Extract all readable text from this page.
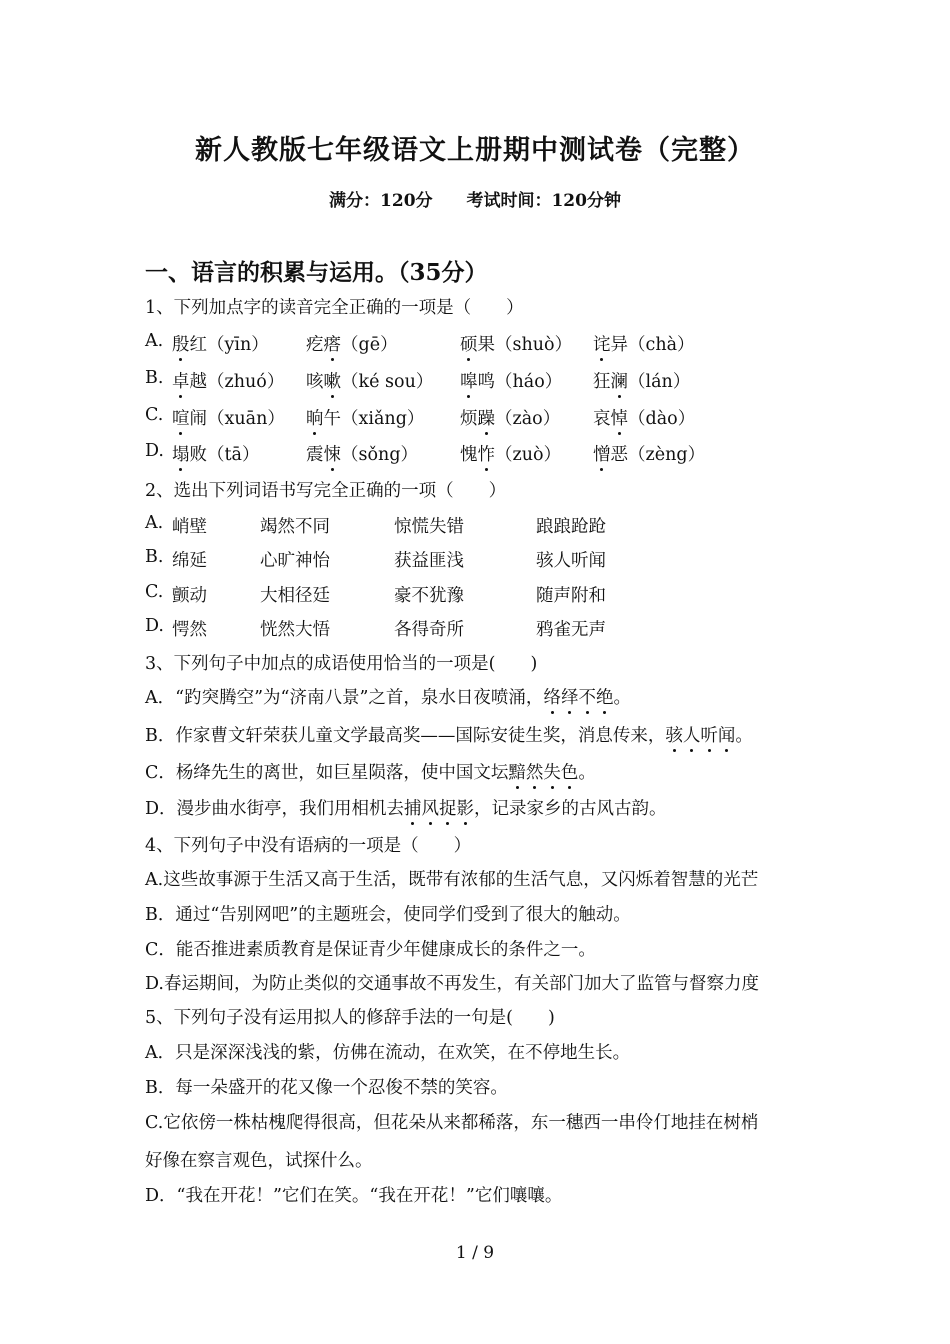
新人教版七年级语文上册期中测试卷（完整）
满分：120分 考试时间：120分钟
一、语言的积累与运用。（35分）
1、下列加点字的读音完全正确的一项是（　　）
A. 殷红（yīn） 疙瘩（gē）	硕果（shuò） 诧异（chà）
B. 卓越（zhuó） 咳嗽（ké sou） 嗥鸣（háo） 狂澜（lán）
C. 喧闹（xuān） 晌午（xiǎng） 烦躁（zào） 哀悼（dào）
D. 塌败（tā）	震悚（sǒng） 愧怍（zuò） 憎恶（zèng）
2、选出下列词语书写完全正确的一项（　　）
A. 峭壁	竭然不同	惊慌失错	踉踉跄跄
B. 绵延	心旷神怡	获益匪浅	骇人听闻
C. 颤动	大相径廷	豪不犹豫	随声附和
D. 愕然	恍然大悟	各得奇所	鸦雀无声
3、下列句子中加点的成语使用恰当的一项是(　　)
A．“趵突腾空”为“济南八景”之首，泉水日夜喷涌，络绎不绝。
B．作家曹文轩荣获儿童文学最高奖——国际安徒生奖，消息传来，骇人听闻。
C．杨绛先生的离世，如巨星陨落，使中国文坛黯然失色。
D．漫步曲水街亭，我们用相机去捕风捉影，记录家乡的古风古韵。
4、下列句子中没有语病的一项是（　　）
A.这些故事源于生活又高于生活，既带有浓郁的生活气息，又闪烁着智慧的光芒
B．通过“告别网吧”的主题班会，使同学们受到了很大的触动。
C．能否推进素质教育是保证青少年健康成长的条件之一。
D.春运期间，为防止类似的交通事故不再发生，有关部门加大了监管与督察力度
5、下列句子没有运用拟人的修辞手法的一句是(　　)
A．只是深深浅浅的紫，仿佛在流动，在欢笑，在不停地生长。
B．每一朵盛开的花又像一个忍俊不禁的笑容。
C.它依傍一株枯槐爬得很高，但花朵从来都稀落，东一穗西一串伶仃地挂在树梢
好像在察言观色，试探什么。
D．“我在开花！”它们在笑。“我在开花！”它们嚷嚷。
1 / 9
